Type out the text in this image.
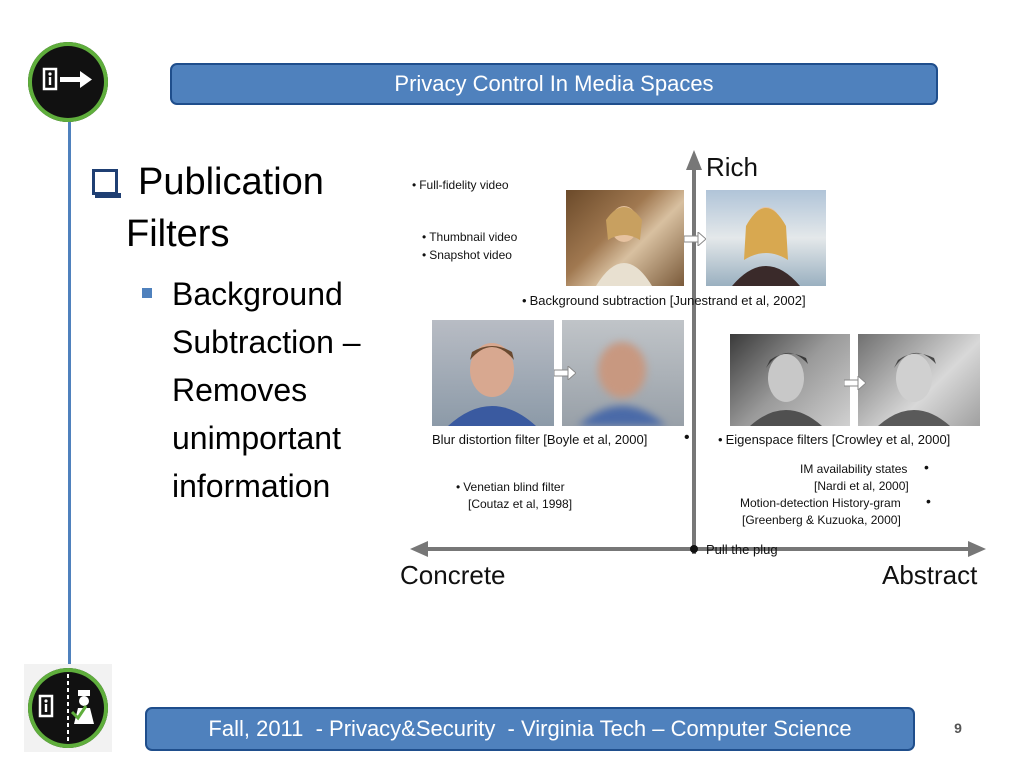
Privacy Control In Media Spaces
Publication
Filters
Background
Subtraction –
Removes
unimportant
information
Rich
Concrete	Abstract
• Full-fidelity video
• Thumbnail video
• Snapshot video
• Background subtraction [Junestrand et al, 2002]
Blur distortion filter [Boyle et al, 2000] •
•	Eigenspace filters [Crowley et al, 2000]
IM availability states •
[Nardi et al, 2000]
Motion-detection History-gram •
[Greenberg & Kuzuoka, 2000]
• Venetian blind filter
[Coutaz et al, 1998]
Pull the plug
Fall, 2011  - Privacy&Security  - Virginia Tech – Computer Science	9
